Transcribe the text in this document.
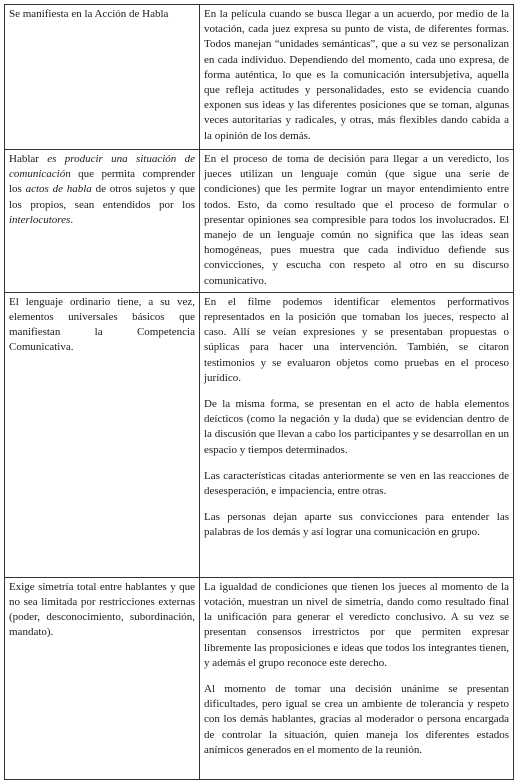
Se manifiesta en la Acción de Habla	En la película cuando se busca llegar a un acuerdo, por medio de la votación, cada juez expresa su punto de vista, de diferentes formas. Todos manejan “unidades semánticas”, que a su vez se personalizan en cada individuo. Dependiendo del momento, cada uno expresa, de forma auténtica, lo que es la comunicación intersubjetiva, aquella que refleja actitudes y personalidades, esto se evidencia cuando exponen sus ideas y las diferentes posiciones que se toman, algunas veces autoritarias y radicales, y otras, más flexibles dando cabida a la opinión de los demás.

Hablar es producir una situación de comunicación que permita comprender los actos de habla de otros sujetos y que los propios, sean entendidos por los interlocutores.	En el proceso de toma de decisión para llegar a un veredicto, los jueces utilizan un lenguaje común (que sigue una serie de condiciones) que les permite lograr un mayor entendimiento entre todos. Esto, da como resultado que el proceso de formular o presentar opiniones sea compresible para todos los involucrados. El manejo de un lenguaje común no significa que las ideas sean homogéneas, pues muestra que cada individuo defiende sus convicciones, y escucha con respeto al otro en su discurso comunicativo.

El lenguaje ordinario tiene, a su vez, elementos universales básicos que manifiestan la Competencia Comunicativa.	En el filme podemos identificar elementos performativos representados en la posición que tomaban los jueces, respecto al caso. Allí se veían expresiones y se presentaban propuestas o súplicas para hacer una intervención. También, se citaron testimonios y se evaluaron objetos como pruebas en el proceso jurídico.

De la misma forma, se presentan en el acto de habla elementos deícticos (como la negación y la duda) que se evidencian dentro de la discusión que llevan a cabo los participantes y se desarrollan en un espacio y tiempos determinados.

Las características citadas anteriormente se ven en las reacciones de desesperación, e impaciencia, entre otras.

Las personas dejan aparte sus convicciones para entender las palabras de los demás y así lograr una comunicación en grupo.

Exige simetría total entre hablantes y que no sea limitada por restricciones externas (poder, desconocimiento, subordinación, mandato).	La igualdad de condiciones que tienen los jueces al momento de la votación, muestran un nivel de simetría, dando como resultado final la unificación para generar el veredicto conclusivo. A su vez se presentan consensos irrestrictos por que permiten expresar libremente las proposiciones e ideas que todos los integrantes tienen, y además el grupo reconoce este derecho.

Al momento de tomar una decisión unánime se presentan dificultades, pero igual se crea un ambiente de tolerancia y respeto con los demás hablantes, gracias al moderador o persona encargada de controlar la situación, quien maneja los diferentes estados anímicos generados en el momento de la reunión.
